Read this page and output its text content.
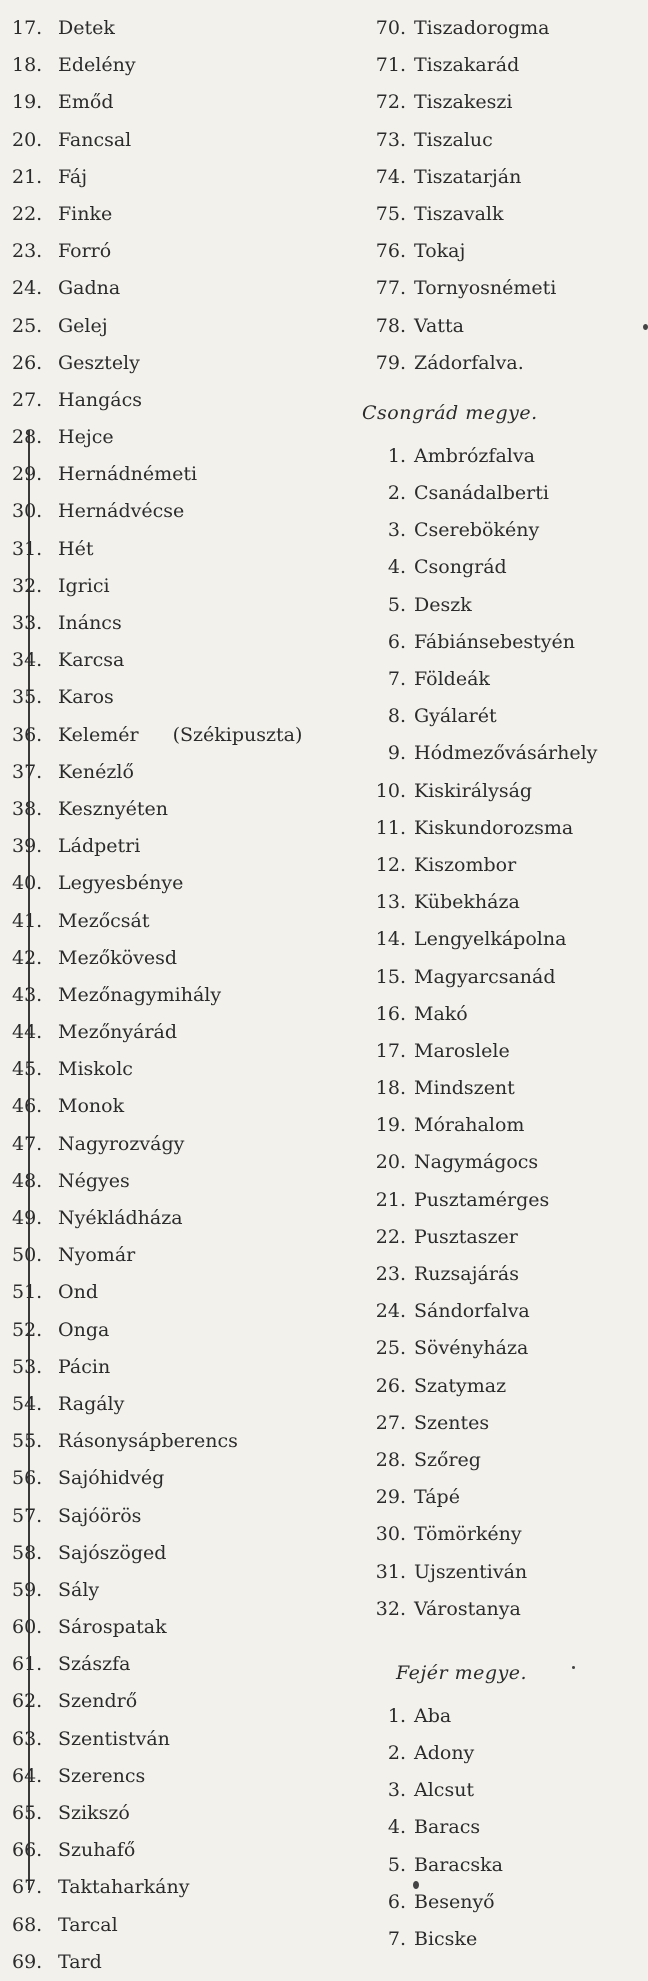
17. Detek
18. Edelény
19. Emőd
20. Fancsal
21. Fáj
22. Finke
23. Forró
24. Gadna
25. Gelej
26. Gesztely
27. Hangács
28. Hejce
29. Hernádnémeti
30. Hernádvécse
31. Hét
32. Igrici
33. Ináncs
34. Karcsa
35. Karos
36. Kelemér (Székipuszta)
37. Kenézlő
38. Kesznyéten
39. Ládpetri
40. Legyesbénye
41. Mezőcsát
42. Mezőkövesd
43. Mezőnagymihály
44. Mezőnyárád
45. Miskolc
46. Monok
47. Nagyrozvágy
48. Négyes
49. Nyékládháza
50. Nyomár
51. Ond
52. Onga
53. Pácin
54. Ragály
55. Rásonysápberencs
56. Sajóhidvég
57. Sajóörös
58. Sajószöged
59. Sály
60. Sárospatak
61. Szászfa
62. Szendrő
63. Szentistván
64. Szerencs
65. Szikszó
66. Szuhafő
67. Taktaharkány
68. Tarcal
69. Tard
70. Tiszadorogma
71. Tiszakarád
72. Tiszakeszi
73. Tiszaluc
74. Tiszatarján
75. Tiszavalk
76. Tokaj
77. Tornyosnémeti
78. Vatta
79. Zádorfalva.
Csongrád megye.
1. Ambrózfalva
2. Csanádalberti
3. Cserebökény
4. Csongrád
5. Deszk
6. Fábiánsebestyén
7. Földeák
8. Gyálarét
9. Hódmezővásárhely
10. Kiskirályság
11. Kiskundorozsma
12. Kiszombor
13. Kübekháza
14. Lengyelkápolna
15. Magyarcsanád
16. Makó
17. Maroslele
18. Mindszent
19. Mórahalom
20. Nagymágocs
21. Pusztamérges
22. Pusztaszer
23. Ruzsajárás
24. Sándorfalva
25. Sövényháza
26. Szatymaz
27. Szentes
28. Szőreg
29. Tápé
30. Tömörkény
31. Ujszentiván
32. Várostanya
Fejér megye.
1. Aba
2. Adony
3. Alcsut
4. Baracs
5. Baracska
6. Besenyő
7. Bicske
